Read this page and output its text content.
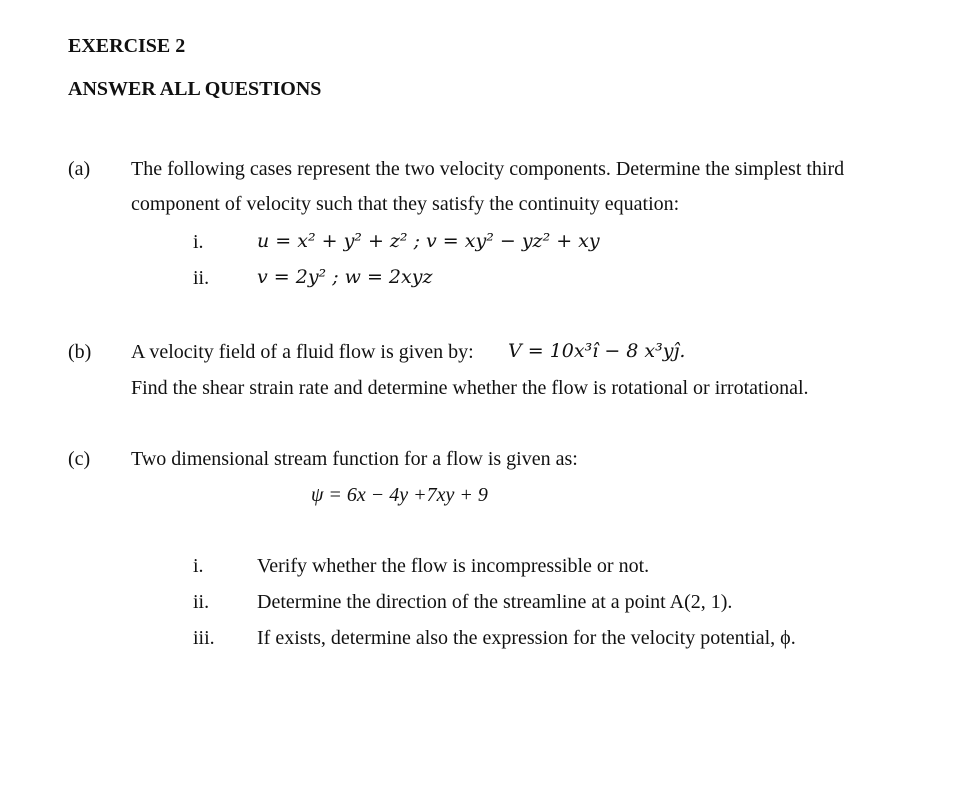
EXERCISE 2
ANSWER ALL QUESTIONS
(a) The following cases represent the two velocity components. Determine the simplest third
component of velocity such that they satisfy the continuity equation:
i.	u = x² + y² + z² ; v = xy² − yz² + xy
ii.	v = 2y² ; w = 2xyz
(b) A velocity field of a fluid flow is given by: V = 10x³î − 8 x³yĵ.
Find the shear strain rate and determine whether the flow is rotational or irrotational.
(c) Two dimensional stream function for a flow is given as:
ψ = 6x − 4y +7xy + 9
i.	Verify whether the flow is incompressible or not.
ii. Determine the direction of the streamline at a point A(2, 1).
iii. If exists, determine also the expression for the velocity potential, ϕ.
